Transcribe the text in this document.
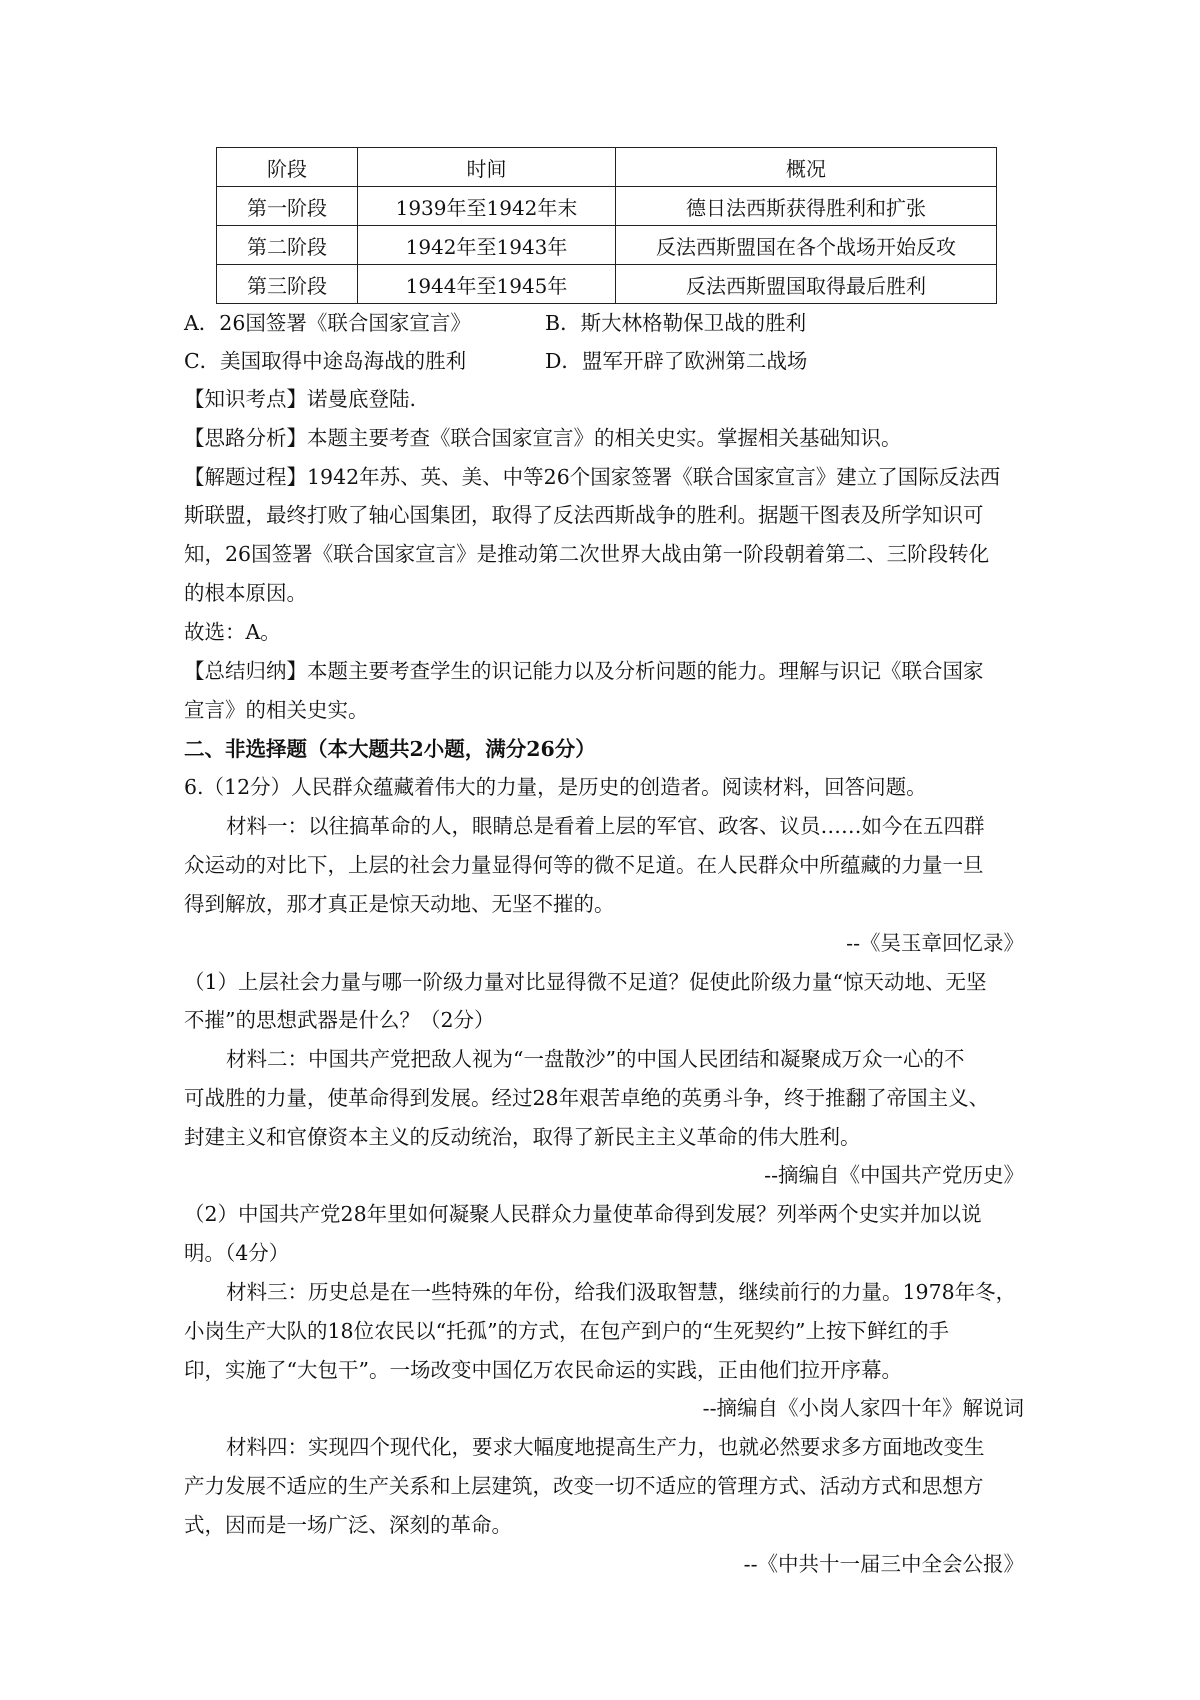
阶段	时间	概况
第一阶段	1939年至1942年末	德日法西斯获得胜利和扩张
第二阶段	1942年至1943年	反法西斯盟国在各个战场开始反攻
第三阶段	1944年至1945年	反法西斯盟国取得最后胜利
A．26国签署《联合国家宣言》	B．斯大林格勒保卫战的胜利
C．美国取得中途岛海战的胜利	D．盟军开辟了欧洲第二战场
【知识考点】诺曼底登陆.
【思路分析】本题主要考查《联合国家宣言》的相关史实。掌握相关基础知识。
【解题过程】1942年苏、英、美、中等26个国家签署《联合国家宣言》建立了国际反法西
斯联盟，最终打败了轴心国集团，取得了反法西斯战争的胜利。据题干图表及所学知识可
知，26国签署《联合国家宣言》是推动第二次世界大战由第一阶段朝着第二、三阶段转化
的根本原因。
故选：A。
【总结归纳】本题主要考查学生的识记能力以及分析问题的能力。理解与识记《联合国家
宣言》的相关史实。
二、非选择题（本大题共2小题，满分26分）
6.（12分）人民群众蕴藏着伟大的力量，是历史的创造者。阅读材料，回答问题。
材料一：以往搞革命的人，眼睛总是看着上层的军官、政客、议员……如今在五四群
众运动的对比下，上层的社会力量显得何等的微不足道。在人民群众中所蕴藏的力量一旦
得到解放，那才真正是惊天动地、无坚不摧的。
--《吴玉章回忆录》
（1）上层社会力量与哪一阶级力量对比显得微不足道？促使此阶级力量“惊天动地、无坚
不摧”的思想武器是什么？（2分）
材料二：中国共产党把敌人视为“一盘散沙”的中国人民团结和凝聚成万众一心的不
可战胜的力量，使革命得到发展。经过28年艰苦卓绝的英勇斗争，终于推翻了帝国主义、
封建主义和官僚资本主义的反动统治，取得了新民主主义革命的伟大胜利。
--摘编自《中国共产党历史》
（2）中国共产党28年里如何凝聚人民群众力量使革命得到发展？列举两个史实并加以说
明。（4分）
材料三：历史总是在一些特殊的年份，给我们汲取智慧，继续前行的力量。1978年冬，
小岗生产大队的18位农民以“托孤”的方式，在包产到户的“生死契约”上按下鲜红的手
印，实施了“大包干”。一场改变中国亿万农民命运的实践，正由他们拉开序幕。
--摘编自《小岗人家四十年》解说词
材料四：实现四个现代化，要求大幅度地提高生产力，也就必然要求多方面地改变生
产力发展不适应的生产关系和上层建筑，改变一切不适应的管理方式、活动方式和思想方
式，因而是一场广泛、深刻的革命。
--《中共十一届三中全会公报》
